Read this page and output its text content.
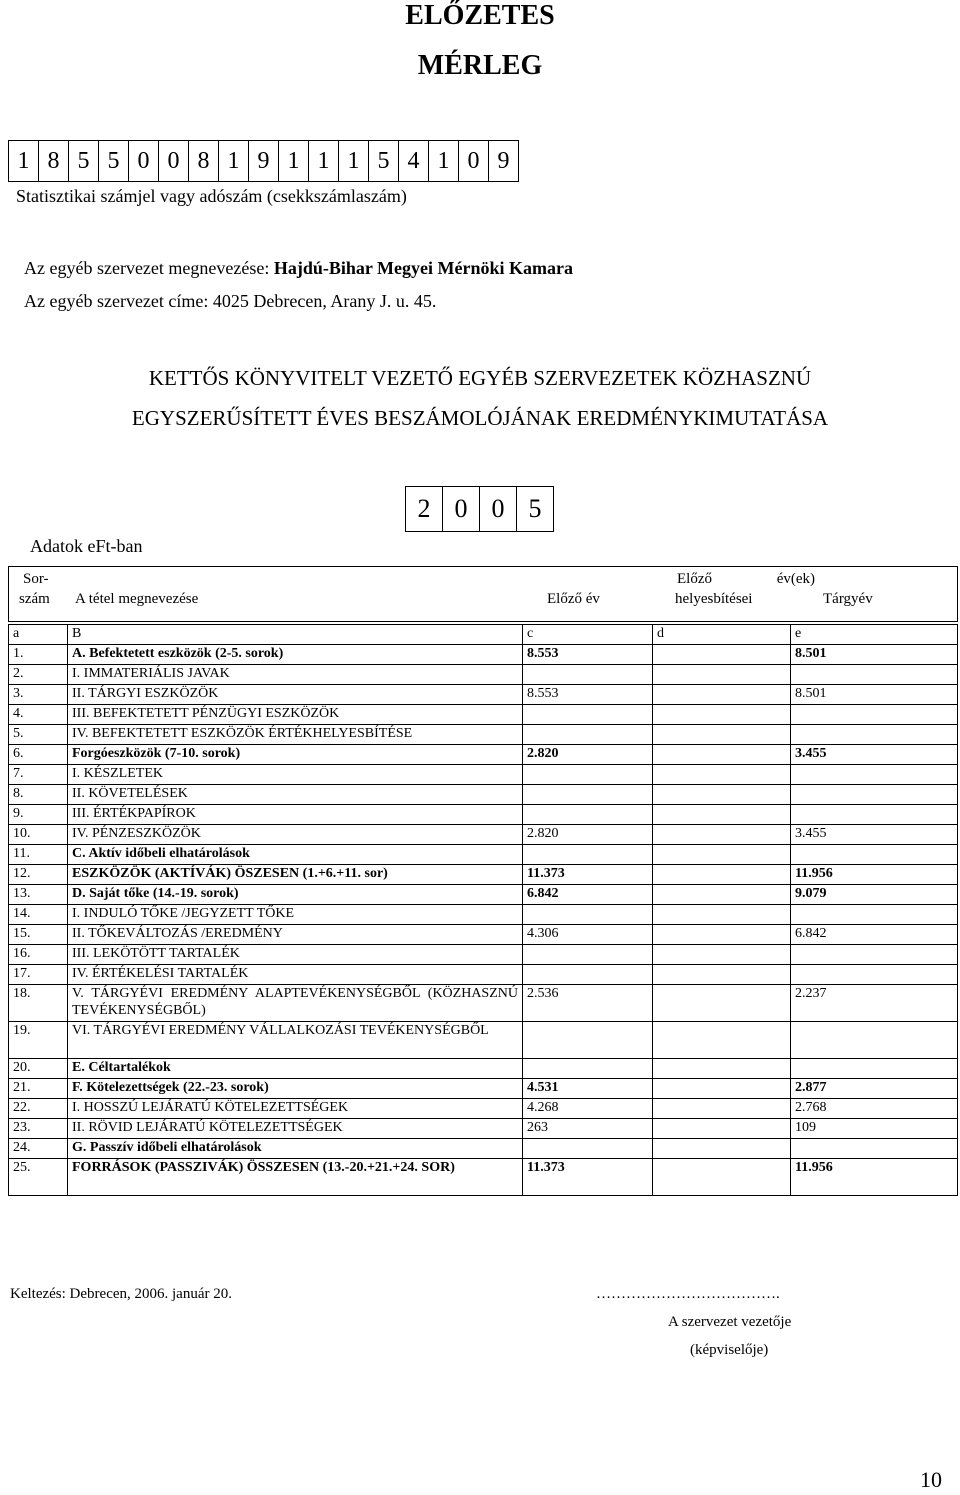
ELŐZETES
MÉRLEG
1	8	5	5	0	0	8	1	9	1	1	1	5	4	1	0	9
Statisztikai számjel vagy adószám (csekkszámlaszám)
Az egyéb szervezet megnevezése: Hajdú-Bihar Megyei Mérnöki Kamara
Az egyéb szervezet címe: 4025 Debrecen, Arany J. u. 45.
KETTŐS KÖNYVITELT VEZETŐ EGYÉB SZERVEZETEK KÖZHASZNÚ
EGYSZERŰSÍTETT ÉVES BESZÁMOLÓJÁNAK EREDMÉNYKIMUTATÁSA
2	0	0	5
Adatok eFt-ban
Sor-
szám A tétel megnevezése	Előző év
Előző év(ek)
helyesbítései	Tárgyév
a	B	c	d	e
1.	A. Befektetett eszközök (2-5. sorok)	8.553		8.501
2.	I. IMMATERIÁLIS JAVAK			
3.	II. TÁRGYI ESZKÖZÖK	8.553		8.501
4.	III. BEFEKTETETT PÉNZÜGYI ESZKÖZÖK			
5.	IV. BEFEKTETETT ESZKÖZÖK ÉRTÉKHELYESBÍTÉSE			
6.	Forgóeszközök (7-10. sorok)	2.820		3.455
7.	I. KÉSZLETEK			
8.	II. KÖVETELÉSEK			
9.	III. ÉRTÉKPAPÍROK			
10.	IV. PÉNZESZKÖZÖK	2.820		3.455
11.	C. Aktív időbeli elhatárolások			
12.	ESZKÖZÖK (AKTÍVÁK) ÖSZESEN (1.+6.+11. sor)	11.373		11.956
13.	D. Saját tőke (14.-19. sorok)	6.842		9.079
14.	I. INDULÓ TŐKE /JEGYZETT TŐKE			
15.	II. TŐKEVÁLTOZÁS /EREDMÉNY	4.306		6.842
16.	III. LEKÖTÖTT TARTALÉK			
17.	IV. ÉRTÉKELÉSI TARTALÉK			
18.	V. TÁRGYÉVI EREDMÉNY ALAPTEVÉKENYSÉGBŐL (KÖZHASZNÚ TEVÉKENYSÉGBŐL)	2.536		2.237
19.	VI. TÁRGYÉVI EREDMÉNY VÁLLALKOZÁSI TEVÉKENYSÉGBŐL			
20.	E. Céltartalékok			
21.	F. Kötelezettségek (22.-23. sorok)	4.531		2.877
22.	I. HOSSZÚ LEJÁRATÚ KÖTELEZETTSÉGEK	4.268		2.768
23.	II. RÖVID LEJÁRATÚ KÖTELEZETTSÉGEK	263		109
24.	G. Passzív időbeli elhatárolások			
25.	FORRÁSOK (PASSZIVÁK) ÖSSZESEN (13.-20.+21.+24. SOR)	11.373		11.956
Keltezés: Debrecen, 2006. január 20.	……………………………….
A szervezet vezetője
(képviselője)
10
